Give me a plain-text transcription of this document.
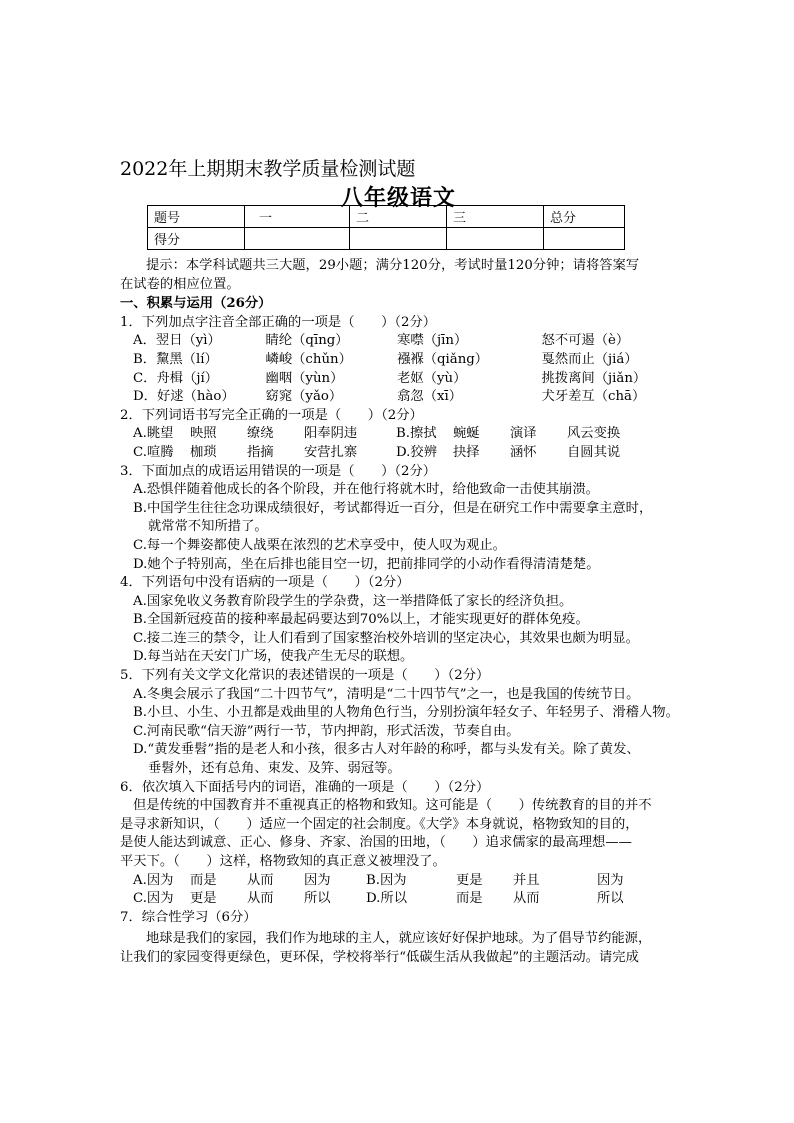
2022年上期期末教学质量检测试题
八年级语文
题号	一	二	三	总分
得分				
提示：本学科试题共三大题，29小题；满分120分，考试时量120分钟；请将答案写
在试卷的相应位置。
一、积累与运用（26分）
1．下列加点字注音全部正确的一项是（　　）（2分）
A．翌日（yì）	睛纶（qīng）	寒噤（jīn）	怒不可遏（è）
B．黧黑（lí）	嶙峻（chǔn）	襁褓（qiǎng）	戛然而止（jiá）
C．舟楫（jí）	幽咽（yùn）	老妪（yù）	挑拨离间（jiǎn）
D．好逑（hào）	窈窕（yǎo）	翕忽（xī）	犬牙差互（chā）
2．下列词语书写完全正确的一项是（　　）（2分）
A.眺望	映照	缭绕	阳奉阴违	B.擦拭	蜿蜒	演译	风云变换
C.喧腾	枷琐	指摘	安营扎寨	D.狡辨	抉择	涵怀	自圆其说
3．下面加点的成语运用错误的一项是（　　）（2分）
A.恐惧伴随着他成长的各个阶段，并在他行将就木时，给他致命一击使其崩溃。
B.中国学生往往念功课成绩很好，考试都得近一百分，但是在研究工作中需要拿主意时，
就常常不知所措了。
C.每一个舞姿都使人战栗在浓烈的艺术享受中，使人叹为观止。
D.她个子特别高，坐在后排也能目空一切，把前排同学的小动作看得清清楚楚。
4．下列语句中没有语病的一项是（　　）（2分）
A.国家免收义务教育阶段学生的学杂费，这一举措降低了家长的经济负担。
B.全国新冠疫苗的接种率最起码要达到70%以上，才能实现更好的群体免疫。
C.接二连三的禁令，让人们看到了国家整治校外培训的坚定决心，其效果也颇为明显。
D.每当站在天安门广场，使我产生无尽的联想。
5．下列有关文学文化常识的表述错误的一项是（　　）（2分）
A.冬奥会展示了我国“二十四节气”，清明是“二十四节气”之一，也是我国的传统节日。
B.小旦、小生、小丑都是戏曲里的人物角色行当，分别扮演年轻女子、年轻男子、滑稽人物。
C.河南民歌“信天游”两行一节，节内押韵，形式活泼，节奏自由。
D.“黄发垂髫”指的是老人和小孩，很多古人对年龄的称呼，都与头发有关。除了黄发、
垂髫外，还有总角、束发、及笄、弱冠等。
6．依次填入下面括号内的词语，准确的一项是（　　）（2分）
但是传统的中国教育并不重视真正的格物和致知。这可能是（　　）传统教育的目的并不
是寻求新知识，（　　）适应一个固定的社会制度。《大学》本身就说，格物致知的目的，
是使人能达到诚意、正心、修身、齐家、治国的田地，（　　）追求儒家的最高理想——
平天下。（　　）这样，格物致知的真正意义被埋没了。
A.因为	而是	从而	因为	B.因为	更是	并且	因为
C.因为	更是	从而	所以	D.所以	而是	从而	所以
7．综合性学习（6分）
地球是我们的家园，我们作为地球的主人，就应该好好保护地球。为了倡导节约能源，
让我们的家园变得更绿色，更环保，学校将举行“低碳生活从我做起”的主题活动。请完成
